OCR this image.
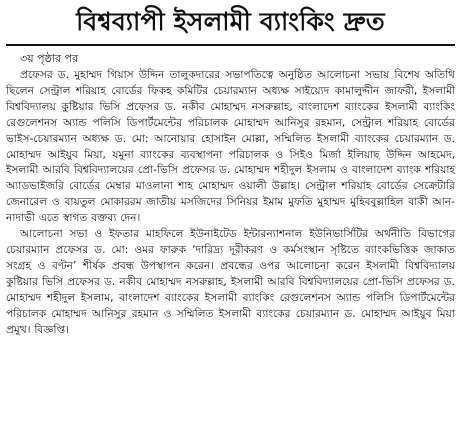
বিশ্বব্যাপী ইসলামী ব্যাংকিং দ্রুত
৩য় পৃষ্ঠার পর

প্রফেসর ড. মুহাম্মদ গিয়াস উদ্দিন তালুকদারের সভাপতিত্বে অনুষ্ঠিত আলোচনা সভায় বিশেষ অতিথি ছিলেন সেন্ট্রাল শরিয়াহ বোর্ডের ফিকহ কমিটির চেয়ারম্যান অধ্যক্ষ সাইয়্যেদ কামালুদ্দীন জাফরী, ইসলামী বিশ্ববিদ্যালয় কুষ্টিয়ার ভিসি প্রফেসর ড. নকীব মোহাম্মদ নসরুল্লাহ, বাংলাদেশ ব্যাংকের ইসলামী ব্যাংকিং রেগুলেশনস অ্যান্ড পলিসি ডিপার্টমেন্টের পরিচালক মোহাম্মদ আনিসুর রহমান, সেন্ট্রাল শরিয়াহ বোর্ডের ভাইস-চেয়ারম্যান অধ্যক্ষ ড. মো: আনোয়ার হোসাইন মোল্লা, সম্মিলিত ইসলামী ব্যাংকের চেয়ারম্যান ড. মোহাম্মদ আইয়ুব মিয়া, যমুনা ব্যাংকের ব্যবস্থাপনা পরিচালক ও সিইও মির্জা ইলিয়াছ উদ্দিন আহমেদ, ইসলামী আরবি বিশ্ববিদ্যালয়ের প্রো-ভিসি প্রফেসর ড. মোহাম্মদ শহীদুল ইসলাম ও বাংলাদেশ ব্যাংক শরিয়াহ অ্যাডভাইজরি বোর্ডের মেম্বার মাওলানা শাহ মোহাম্মদ ওয়ালী উল্লাহ। সেন্ট্রাল শরিয়াহ বোর্ডের সেক্রেটারি জেনারেল ও বায়তুল মোকাররম জাতীয় মসজিদের সিনিয়র ইমাম মুফতি মুহাম্মদ মুহিববুল্লাহিল বাকী আন-নাদাভী এতে স্বাগত বক্তব্য দেন।

আলোচনা সভা ও ইফতার মাহফিলে ইউনাইটেড ইন্টারন্যাশনাল ইউনিভার্সিটির অর্থনীতি বিভাগের চেয়ারম্যান প্রফেসর ড. মো: ওমর ফারুক ‘দারিদ্র্য দূরীকরণ ও কর্মসংস্থান সৃষ্টিতে ব্যাংকভিত্তিক জাকাত সংগ্রহ ও বণ্টন’ শীর্ষক প্রবন্ধ উপস্থাপন করেন। প্রবন্ধের ওপর আলোচনা করেন ইসলামী বিশ্ববিদ্যালয় কুষ্টিয়ার ভিসি প্রফেসর ড. নকীব মোহাম্মদ নসরুল্লাহ, ইসলামী আরবি বিশ্ববিদ্যালয়ের প্রো-ভিসি প্রফেসর ড. মোহাম্মদ শহীদুল ইসলাম, বাংলাদেশ ব্যাংকের ইসলামী ব্যাংকিং রেগুলেশনস অ্যান্ড পলিসি ডিপার্টমেন্টের পরিচালক মোহাম্মদ আনিসুর রহমান ও সম্মিলিত ইসলামী ব্যাংকের চেয়ারম্যান ড. মোহাম্মদ আইয়ুব মিয়া প্রমুখ। বিজ্ঞপ্তি।
